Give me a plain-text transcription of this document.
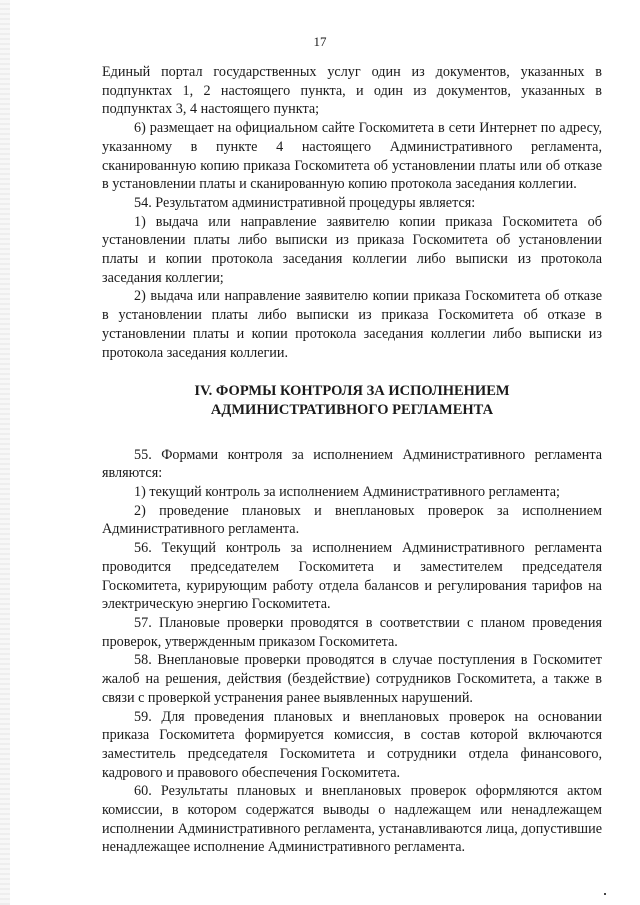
17

Единый портал государственных услуг один из документов, указанных в подпунктах 1, 2 настоящего пункта, и один из документов, указанных в подпунктах 3, 4 настоящего пункта;

6) размещает на официальном сайте Госкомитета в сети Интернет по адресу, указанному в пункте 4 настоящего Административного регламента, сканированную копию приказа Госкомитета об установлении платы или об отказе в установлении платы и сканированную копию протокола заседания коллегии.

54. Результатом административной процедуры является:

1) выдача или направление заявителю копии приказа Госкомитета об установлении платы либо выписки из приказа Госкомитета об установлении платы и копии протокола заседания коллегии либо выписки из протокола заседания коллегии;

2) выдача или направление заявителю копии приказа Госкомитета об отказе в установлении платы либо выписки из приказа Госкомитета об отказе в установлении платы и копии протокола заседания коллегии либо выписки из протокола заседания коллегии.

IV. ФОРМЫ КОНТРОЛЯ ЗА ИСПОЛНЕНИЕМ
АДМИНИСТРАТИВНОГО РЕГЛАМЕНТА

55. Формами контроля за исполнением Административного регламента являются:

1) текущий контроль за исполнением Административного регламента;

2) проведение плановых и внеплановых проверок за исполнением Административного регламента.

56. Текущий контроль за исполнением Административного регламента проводится председателем Госкомитета и заместителем председателя Госкомитета, курирующим работу отдела балансов и регулирования тарифов на электрическую энергию Госкомитета.

57. Плановые проверки проводятся в соответствии с планом проведения проверок, утвержденным приказом Госкомитета.

58. Внеплановые проверки проводятся в случае поступления в Госкомитет жалоб на решения, действия (бездействие) сотрудников Госкомитета, а также в связи с проверкой устранения ранее выявленных нарушений.

59. Для проведения плановых и внеплановых проверок на основании приказа Госкомитета формируется комиссия, в состав которой включаются заместитель председателя Госкомитета и сотрудники отдела финансового, кадрового и правового обеспечения Госкомитета.

60. Результаты плановых и внеплановых проверок оформляются актом комиссии, в котором содержатся выводы о надлежащем или ненадлежащем исполнении Административного регламента, устанавливаются лица, допустившие ненадлежащее исполнение Административного регламента.
